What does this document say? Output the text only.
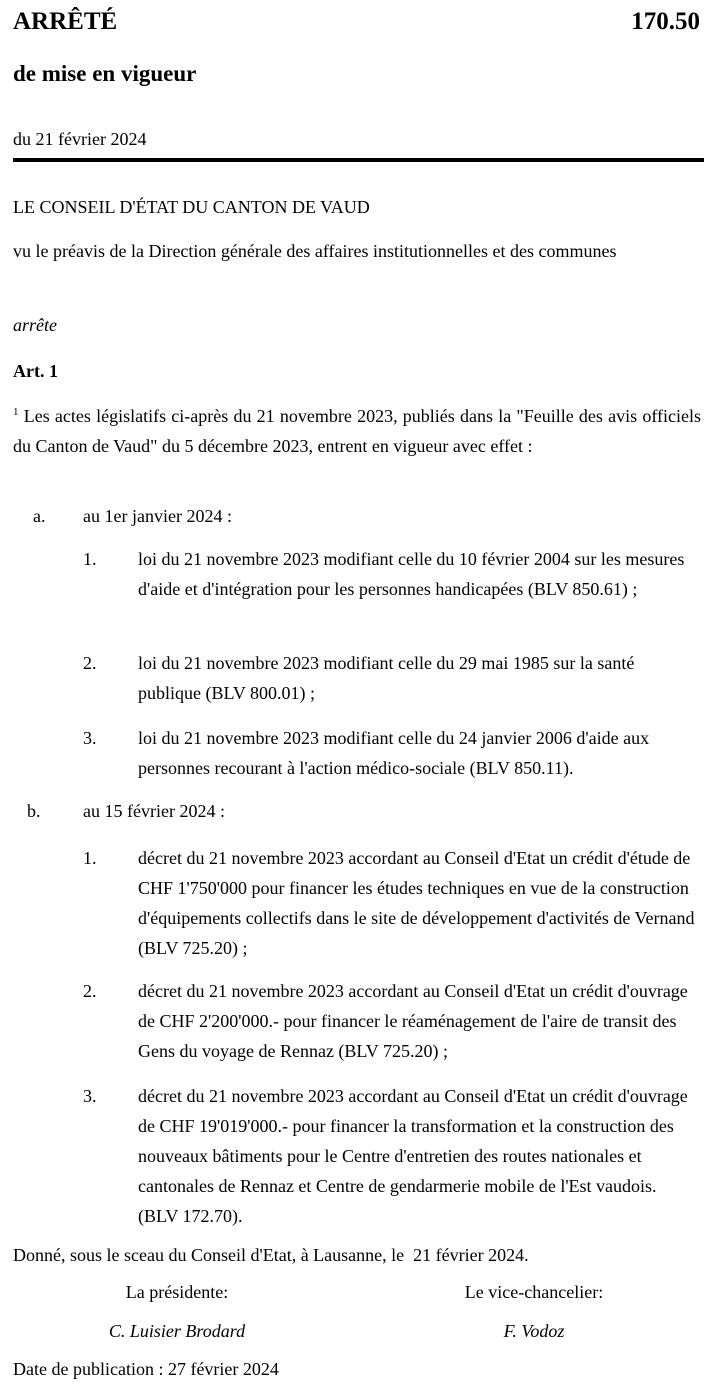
ARRÊTÉ	170.50
de mise en vigueur
du 21 février 2024
LE CONSEIL D'ÉTAT DU CANTON DE VAUD
vu le préavis de la Direction générale des affaires institutionnelles et des communes
arrête
Art. 1
$^1$ Les actes législatifs ci-après du 21 novembre 2023, publiés dans la "Feuille des avis officiels du Canton de Vaud" du 5 décembre 2023, entrent en vigueur avec effet :
a.	au 1er janvier 2024 :
1.	loi du 21 novembre 2023 modifiant celle du 10 février 2004 sur les mesures d'aide et d'intégration pour les personnes handicapées (BLV 850.61) ;
2.	loi du 21 novembre 2023 modifiant celle du 29 mai 1985 sur la santé publique (BLV 800.01) ;
3.	loi du 21 novembre 2023 modifiant celle du 24 janvier 2006 d'aide aux personnes recourant à l'action médico-sociale (BLV 850.11).
b.	au 15 février 2024 :
1.	décret du 21 novembre 2023 accordant au Conseil d'Etat un crédit d'étude de CHF 1'750'000 pour financer les études techniques en vue de la construction d'équipements collectifs dans le site de développement d'activités de Vernand (BLV 725.20) ;
2.	décret du 21 novembre 2023 accordant au Conseil d'Etat un crédit d'ouvrage de CHF 2'200'000.- pour financer le réaménagement de l'aire de transit des Gens du voyage de Rennaz (BLV 725.20) ;
3.	décret du 21 novembre 2023 accordant au Conseil d'Etat un crédit d'ouvrage de CHF 19'019'000.- pour financer la transformation et la construction des nouveaux bâtiments pour le Centre d'entretien des routes nationales et cantonales de Rennaz et Centre de gendarmerie mobile de l'Est vaudois. (BLV 172.70).
Donné, sous le sceau du Conseil d'Etat, à Lausanne, le  21 février 2024.
La présidente:
C. Luisier Brodard
Le vice-chancelier:
F. Vodoz
Date de publication : 27 février 2024
